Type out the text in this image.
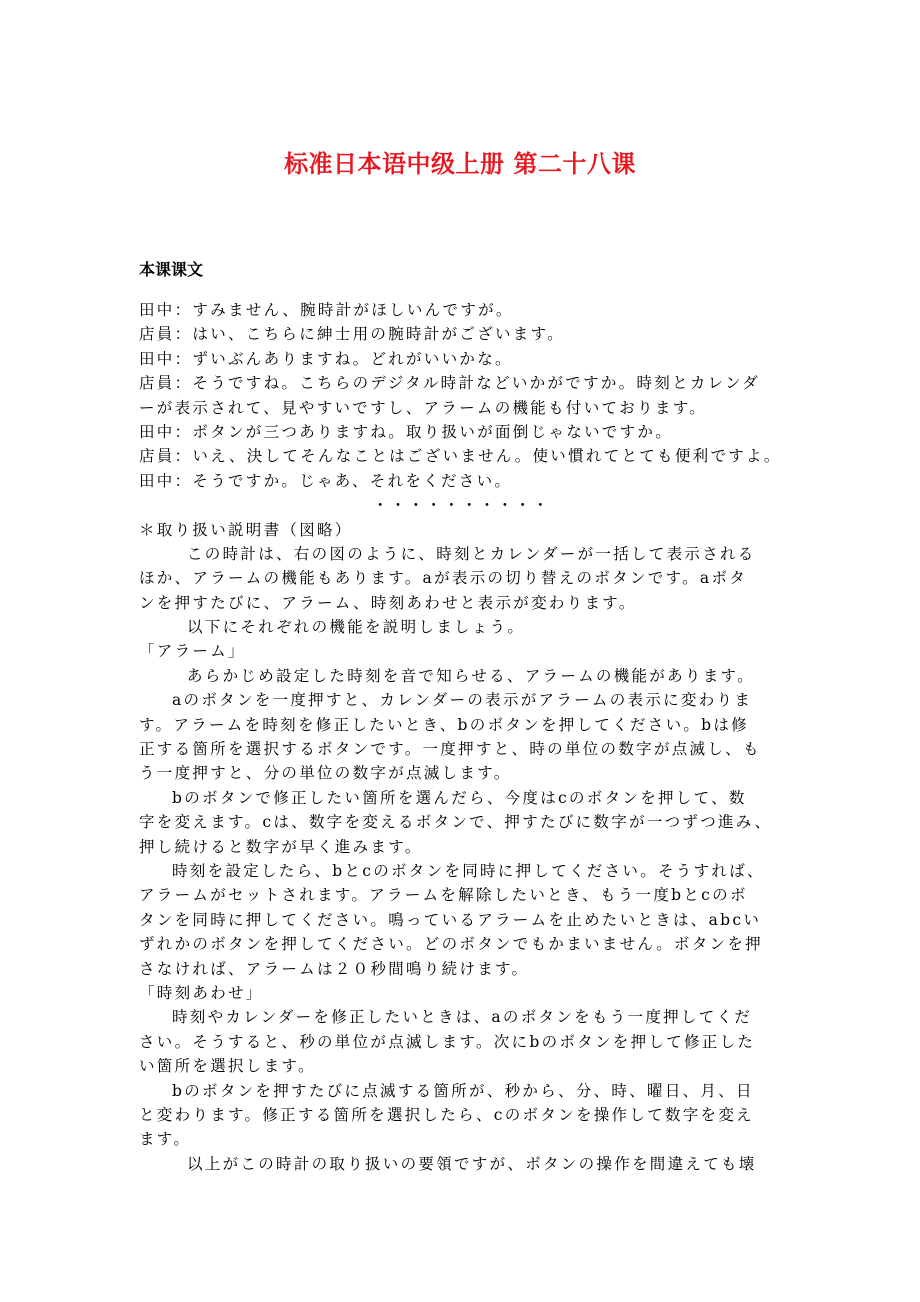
标准日本语中级上册 第二十八课
本课课文
田中：すみません、腕時計がほしいんですが。
店員：はい、こちらに紳士用の腕時計がございます。
田中：ずいぶんありますね。どれがいいかな。
店員：そうですね。こちらのデジタル時計などいかがですか。時刻とカレンダ
ーが表示されて、見やすいですし、アラームの機能も付いております。
田中：ボタンが三つありますね。取り扱いが面倒じゃないですか。
店員：いえ、決してそんなことはございません。使い慣れてとても便利ですよ。
田中：そうですか。じゃあ、それをください。
・・・・・・・・・・
＊取り扱い説明書（図略）
この時計は、右の図のように、時刻とカレンダーが一括して表示される
ほか、アラームの機能もあります。aが表示の切り替えのボタンです。aボタ
ンを押すたびに、アラーム、時刻あわせと表示が変わります。
以下にそれぞれの機能を説明しましょう。
「アラーム」
あらかじめ設定した時刻を音で知らせる、アラームの機能があります。
aのボタンを一度押すと、カレンダーの表示がアラームの表示に変わりま
す。アラームを時刻を修正したいとき、bのボタンを押してください。bは修
正する箇所を選択するボタンです。一度押すと、時の単位の数字が点滅し、も
う一度押すと、分の単位の数字が点滅します。
bのボタンで修正したい箇所を選んだら、今度はcのボタンを押して、数
字を変えます。cは、数字を変えるボタンで、押すたびに数字が一つずつ進み、
押し続けると数字が早く進みます。
時刻を設定したら、bとcのボタンを同時に押してください。そうすれば、
アラームがセットされます。アラームを解除したいとき、もう一度bとcのボ
タンを同時に押してください。鳴っているアラームを止めたいときは、abcい
ずれかのボタンを押してください。どのボタンでもかまいません。ボタンを押
さなければ、アラームは２０秒間鳴り続けます。
「時刻あわせ」
時刻やカレンダーを修正したいときは、aのボタンをもう一度押してくだ
さい。そうすると、秒の単位が点滅します。次にbのボタンを押して修正した
い箇所を選択します。
bのボタンを押すたびに点滅する箇所が、秒から、分、時、曜日、月、日
と変わります。修正する箇所を選択したら、cのボタンを操作して数字を変え
ます。
以上がこの時計の取り扱いの要領ですが、ボタンの操作を間違えても壊
